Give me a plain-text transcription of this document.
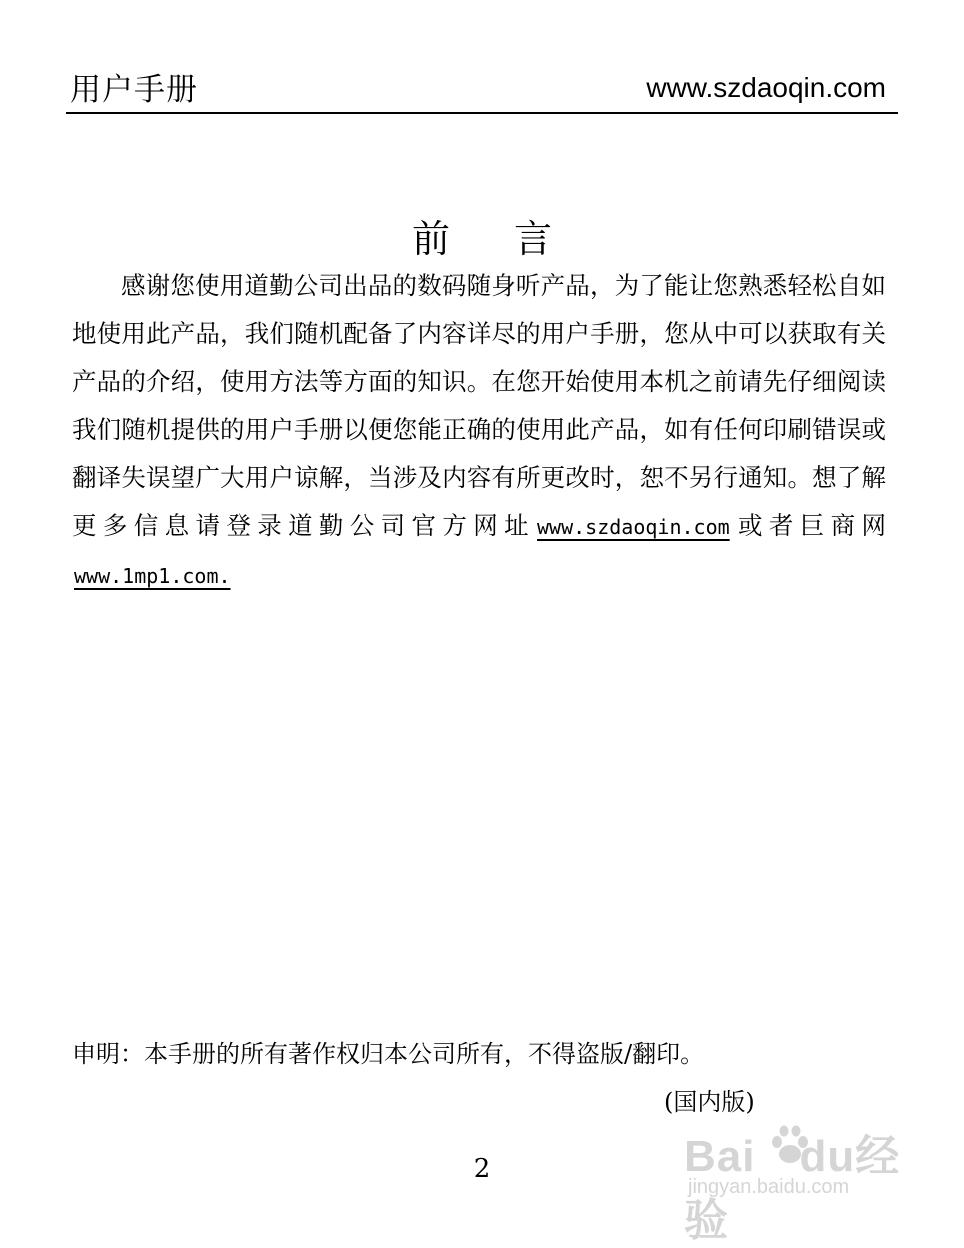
用户手册	www.szdaoqin.com
前 言

感谢您使用道勤公司出品的数码随身听产品，为了能让您熟悉轻松自如地使用此产品，我们随机配备了内容详尽的用户手册，您从中可以获取有关产品的介绍，使用方法等方面的知识。在您开始使用本机之前请先仔细阅读我们随机提供的用户手册以便您能正确的使用此产品，如有任何印刷错误或翻译失误望广大用户谅解，当涉及内容有所更改时，恕不另行通知。想了解更多信息请登录道勤公司官方网址 www.szdaoqin.com或者巨商网 www.1mp1.com.

申明：本手册的所有著作权归本公司所有，不得盗版/翻印。
(国内版)
2	Bai du经验
jingyan.baidu.com
